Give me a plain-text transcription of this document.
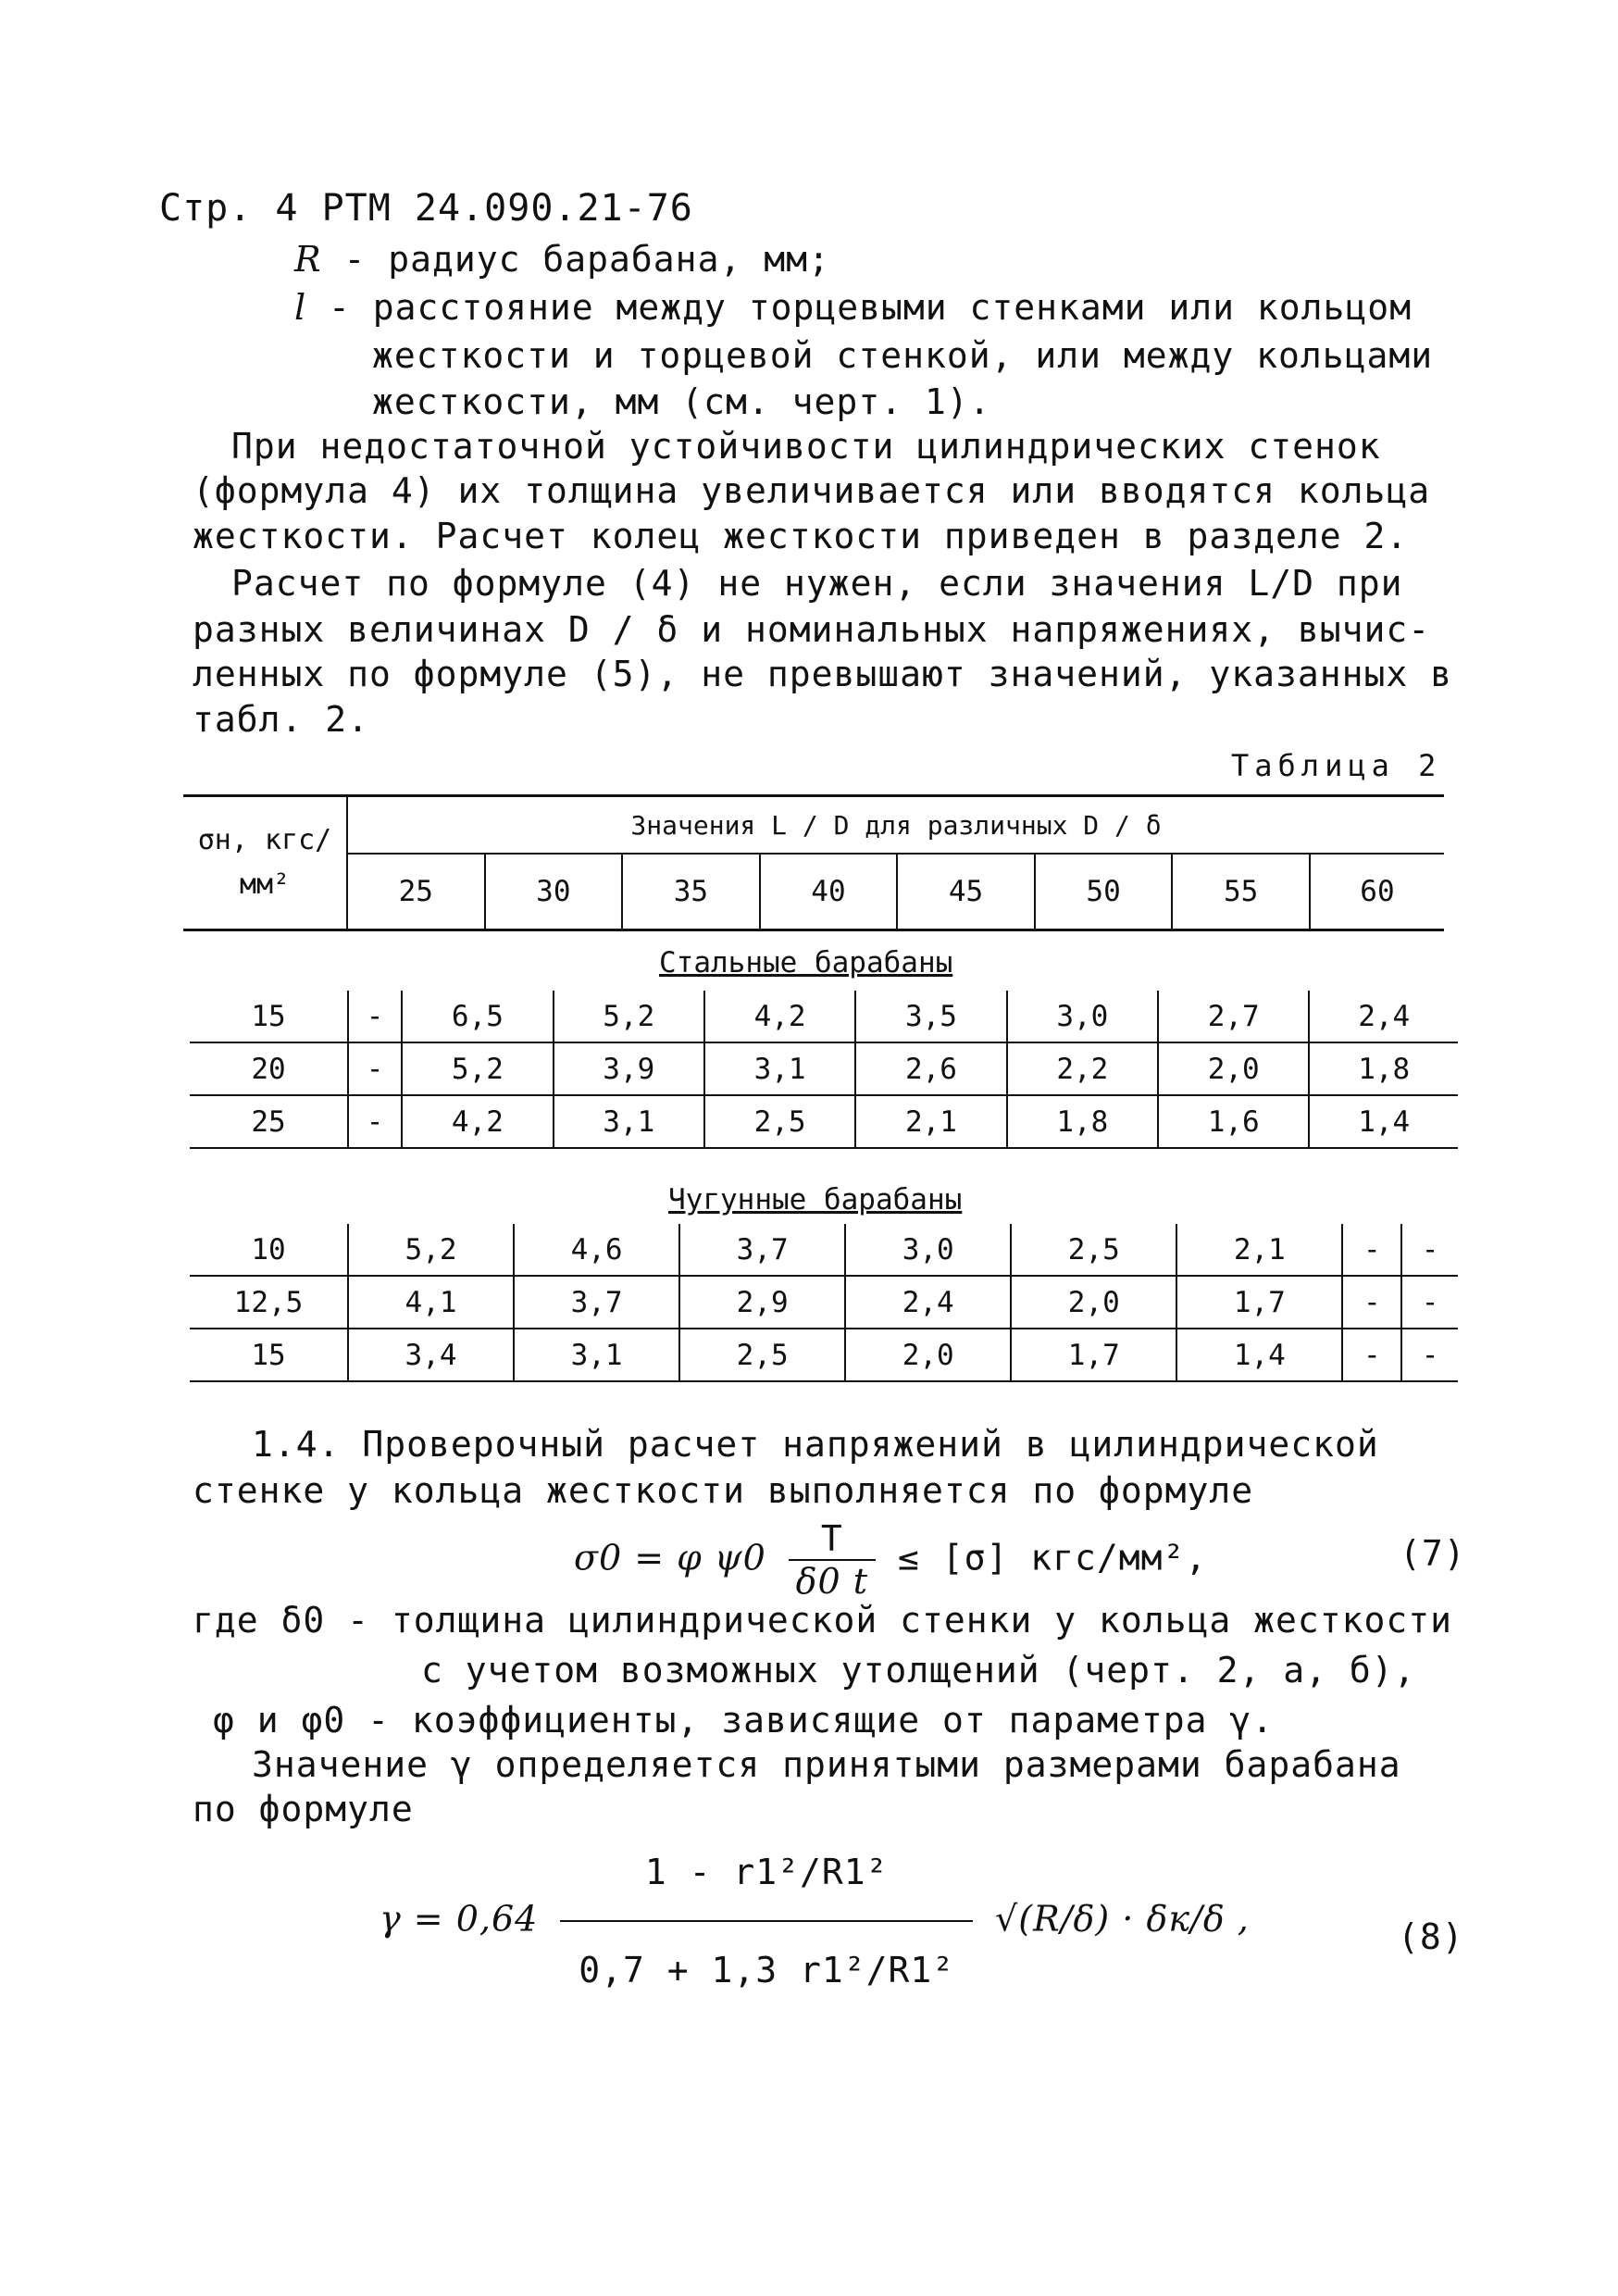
Стр. 4 РТМ 24.090.21-76
R - радиус барабана, мм;
l - расстояние между торцевыми стенками или кольцом
жесткости и торцевой стенкой, или между кольцами
жесткости, мм (см. черт. 1).
При недостаточной устойчивости цилиндрических стенок
(формула 4) их толщина увеличивается или вводятся кольца
жесткости. Расчет колец жесткости приведен в разделе 2.
Расчет по формуле (4) не нужен, если значения L/D при
разных величинах D / δ и номинальных напряжениях, вычис-
ленных по формуле (5), не превышают значений, указанных в
табл. 2.
Таблица 2
σн, кгс/мм²	Значения L / D для различных D / δ							
	25	30	35	40	45	50	55	60
Стальные барабаны
15	-	6,5	5,2	4,2	3,5	3,0	2,7	2,4
20	-	5,2	3,9	3,1	2,6	2,2	2,0	1,8
25	-	4,2	3,1	2,5	2,1	1,8	1,6	1,4
Чугунные барабаны
10	5,2	4,6	3,7	3,0	2,5	2,1	-	-
12,5	4,1	3,7	2,9	2,4	2,0	1,7	-	-
15	3,4	3,1	2,5	2,0	1,7	1,4	-	-
1.4. Проверочный расчет напряжений в цилиндрической
стенке у кольца жесткости выполняется по формуле
σ0 = φ $\psi 0 \frac{T}{\delta 0 t} \le [\sigma]$ кгс/мм²,	(7)
где δ0 - толщина цилиндрической стенки у кольца жесткости
с учетом возможных утолщений (черт. 2, а, б),
φ и φ0 - коэффициенты, зависящие от параметра γ.
Значение γ определяется принятыми размерами барабана
по формуле
$\gamma = 0,64 \frac{\text{1 - r1²/R1²}}{\text{0,7 + 1,3 r1²/R1²}} √(R/\delta) \cdot \delta к/\delta$ ,	(8)
